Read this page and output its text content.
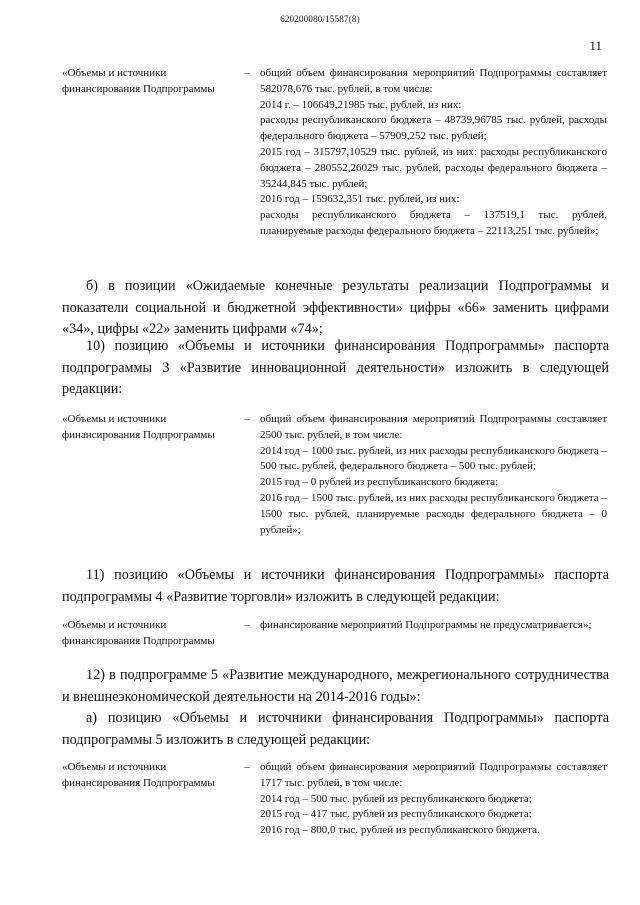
620200080/15587(8)
11
«Объемы и источники финансирования Подпрограммы
– общий объем финансирования мероприятий Подпрограммы составляет 582078,676 тыс. рублей, в том числе:
2014 г. – 106649,21985 тыс. рублей, из них:
расходы республиканского бюджета – 48739,96785 тыс. рублей, расходы федерального бюджета – 57909,252 тыс. рублей;
2015 год – 315797,10529 тыс. рублей, из них: расходы республиканского бюджета – 280552,26029 тыс. рублей, расходы федерального бюджета – 35244,845 тыс. рублей;
2016 год – 159632,351 тыс. рублей, из них:
расходы республиканского бюджета – 137519,1 тыс. рублей, планируемые расходы федерального бюджета – 22113,251 тыс. рублей»;

б) в позиции «Ожидаемые конечные результаты реализации Подпрограммы и показатели социальной и бюджетной эффективности» цифры «66» заменить цифрами «34», цифры «22» заменить цифрами «74»;

10) позицию «Объемы и источники финансирования Подпрограммы» паспорта подпрограммы 3 «Развитие инновационной деятельности» изложить в следующей редакции:

«Объемы и источники финансирования Подпрограммы
– общий объем финансирования мероприятий Подпрограммы составляет 2500 тыс. рублей, в том числе:
2014 год – 1000 тыс. рублей, из них расходы республиканского бюджета – 500 тыс. рублей, федерального бюджета – 500 тыс. рублей;
2015 год – 0 рублей из республиканского бюджета;
2016 год – 1500 тыс. рублей, из них расходы республиканского бюджета – 1500 тыс. рублей, планируемые расходы федерального бюджета – 0 рублей»;

11) позицию «Объемы и источники финансирования Подпрограммы» паспорта подпрограммы 4 «Развитие торговли» изложить в следующей редакции:

«Объемы и источники финансирования Подпрограммы
– финансирование мероприятий Подпрограммы не предусматривается»;

12) в подпрограмме 5 «Развитие международного, межрегионального сотрудничества и внешнеэкономической деятельности на 2014-2016 годы»:

а) позицию «Объемы и источники финансирования Подпрограммы» паспорта подпрограммы 5 изложить в следующей редакции:

«Объемы и источники финансирования Подпрограммы
– общий объем финансирования мероприятий Подпрограммы составляет 1717 тыс. рублей, в том числе:
2014 год – 500 тыс. рублей из республиканского бюджета;
2015 год – 417 тыс. рублей из республиканского бюджета;
2016 год – 800,0 тыс. рублей из республиканского бюджета.
